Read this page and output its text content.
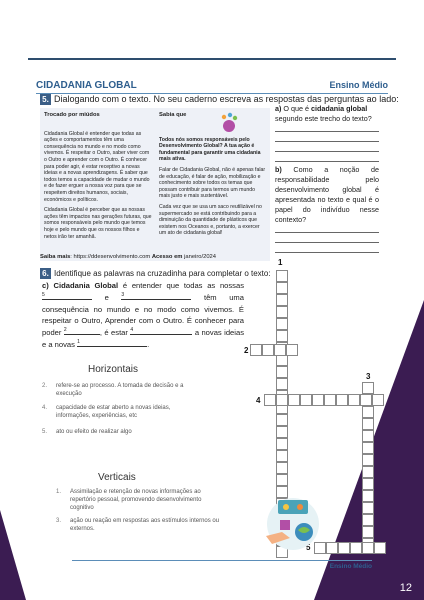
12
CIDADANIA GLOBAL	Ensino Médio
5. Dialogando com o texto. No seu caderno escreva as respostas das perguntas ao lado:
Trocado por miúdos

Cidadania Global é entender que todas as ações e comportamentos têm uma consequência no mundo e no modo como vivemos. É respeitar o Outro, saber viver com o Outro e aprender com o Outro. É conhecer para poder agir, é estar receptivo a novas ideias e a novas aprendizagens. É saber que todos temos a capacidade de mudar o mundo e de fazer erguer a nossa voz para que se respeitem direitos humanos, sociais, económicos e políticos.

Cidadania Global é perceber que as nossas ações têm impactos nas gerações futuras, que somos responsáveis pelo mundo que temos hoje e pelo mundo que os nossos filhos e netos irão ter amanhã.

Sabia que

Todos nós somos responsáveis pelo Desenvolvimento Global? A tua ação é fundamental para garantir uma cidadania mais ativa.

Falar de Cidadania Global, não é apenas falar de educação, é falar de ação, mobilização e conhecimento sobre todos os temas que possam contribuir para termos um mundo mais justo e mais sustentável.

Cada vez que se usa um saco reutilizável no supermercado se está contribuindo para a diminuição da quantidade de plásticos que existem nos Oceanos e, portanto, a exercer um ato de cidadania global!

Saiba mais: https://ddesenvolvimento.com Acesso em janeiro/2024
a) O que é cidadania global segundo este trecho do texto?
b) Como a noção de responsabilidade pelo desenvolvimento global é apresentada no texto e qual é o papel do indivíduo nesse contexto?
6. Identifique as palavras na cruzadinha para completar o texto:
c) Cidadania Global é entender que todas as nossas
5	e	3	têm uma consequência no mundo e no modo como vivemos. É respeitar o Outro, Aprender com o Outro. É conhecer para poder 2	, é estar 4	a novas ideias e a novas 1	.
Horizontais
2. refere-se ao processo. A tomada de decisão e a execução
4. capacidade de estar aberto a novas ideias, informações, experiências, etc
5. ato ou efeito de realizar algo
Verticais
1. Assimilação e retenção de novas informações ao repertório pessoal, promovendo desenvolvimento cognitivo
3. ação ou reação em respostas aos estímulos internos ou externos.
1
2
3
4
5
Ensino Médio
